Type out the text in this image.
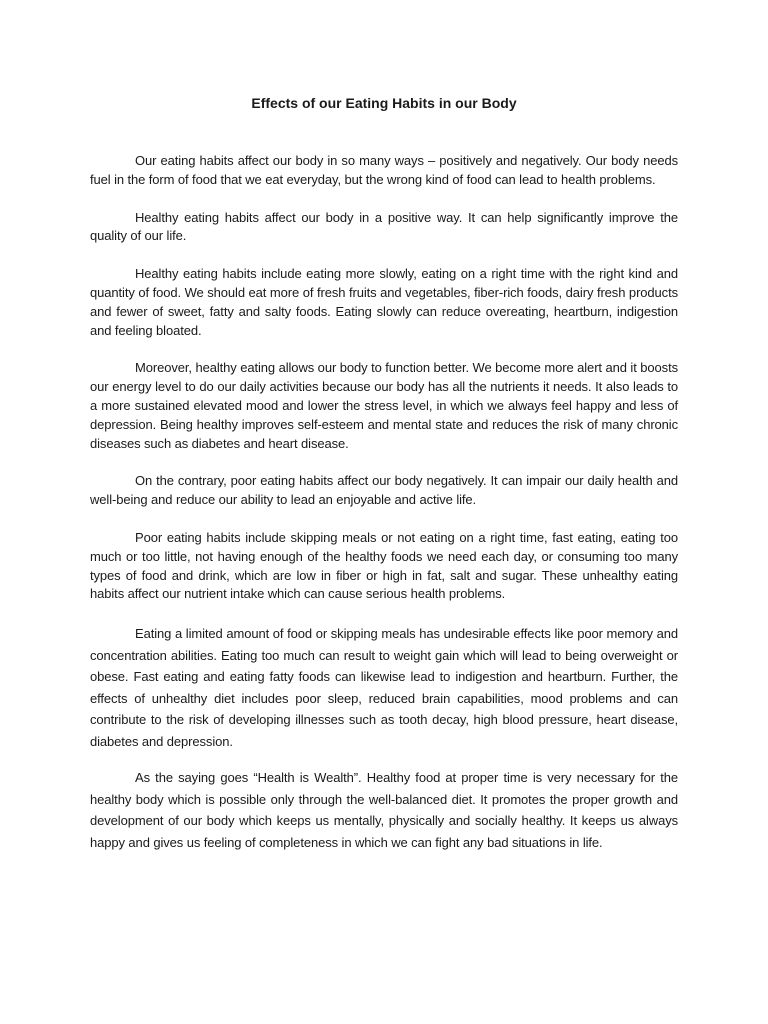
Effects of our Eating Habits in our Body

Our eating habits affect our body in so many ways – positively and negatively. Our body needs fuel in the form of food that we eat everyday, but the wrong kind of food can lead to health problems.

Healthy eating habits affect our body in a positive way. It can help significantly improve the quality of our life.

Healthy eating habits include eating more slowly, eating on a right time with the right kind and quantity of food. We should eat more of fresh fruits and vegetables, fiber-rich foods, dairy fresh products and fewer of sweet, fatty and salty foods. Eating slowly can reduce overeating, heartburn, indigestion and feeling bloated.

Moreover, healthy eating allows our body to function better. We become more alert and it boosts our energy level to do our daily activities because our body has all the nutrients it needs. It also leads to a more sustained elevated mood and lower the stress level, in which we always feel happy and less of depression. Being healthy improves self-esteem and mental state and reduces the risk of many chronic diseases such as diabetes and heart disease.

On the contrary, poor eating habits affect our body negatively. It can impair our daily health and well-being and reduce our ability to lead an enjoyable and active life.

Poor eating habits include skipping meals or not eating on a right time, fast eating, eating too much or too little, not having enough of the healthy foods we need each day, or consuming too many types of food and drink, which are low in fiber or high in fat, salt and sugar. These unhealthy eating habits affect our nutrient intake which can cause serious health problems.

Eating a limited amount of food or skipping meals has undesirable effects like poor memory and concentration abilities. Eating too much can result to weight gain which will lead to being overweight or obese. Fast eating and eating fatty foods can likewise lead to indigestion and heartburn. Further, the effects of unhealthy diet includes poor sleep, reduced brain capabilities, mood problems and can contribute to the risk of developing illnesses such as tooth decay, high blood pressure, heart disease, diabetes and depression.

As the saying goes “Health is Wealth”. Healthy food at proper time is very necessary for the healthy body which is possible only through the well-balanced diet. It promotes the proper growth and development of our body which keeps us mentally, physically and socially healthy. It keeps us always happy and gives us feeling of completeness in which we can fight any bad situations in life.
